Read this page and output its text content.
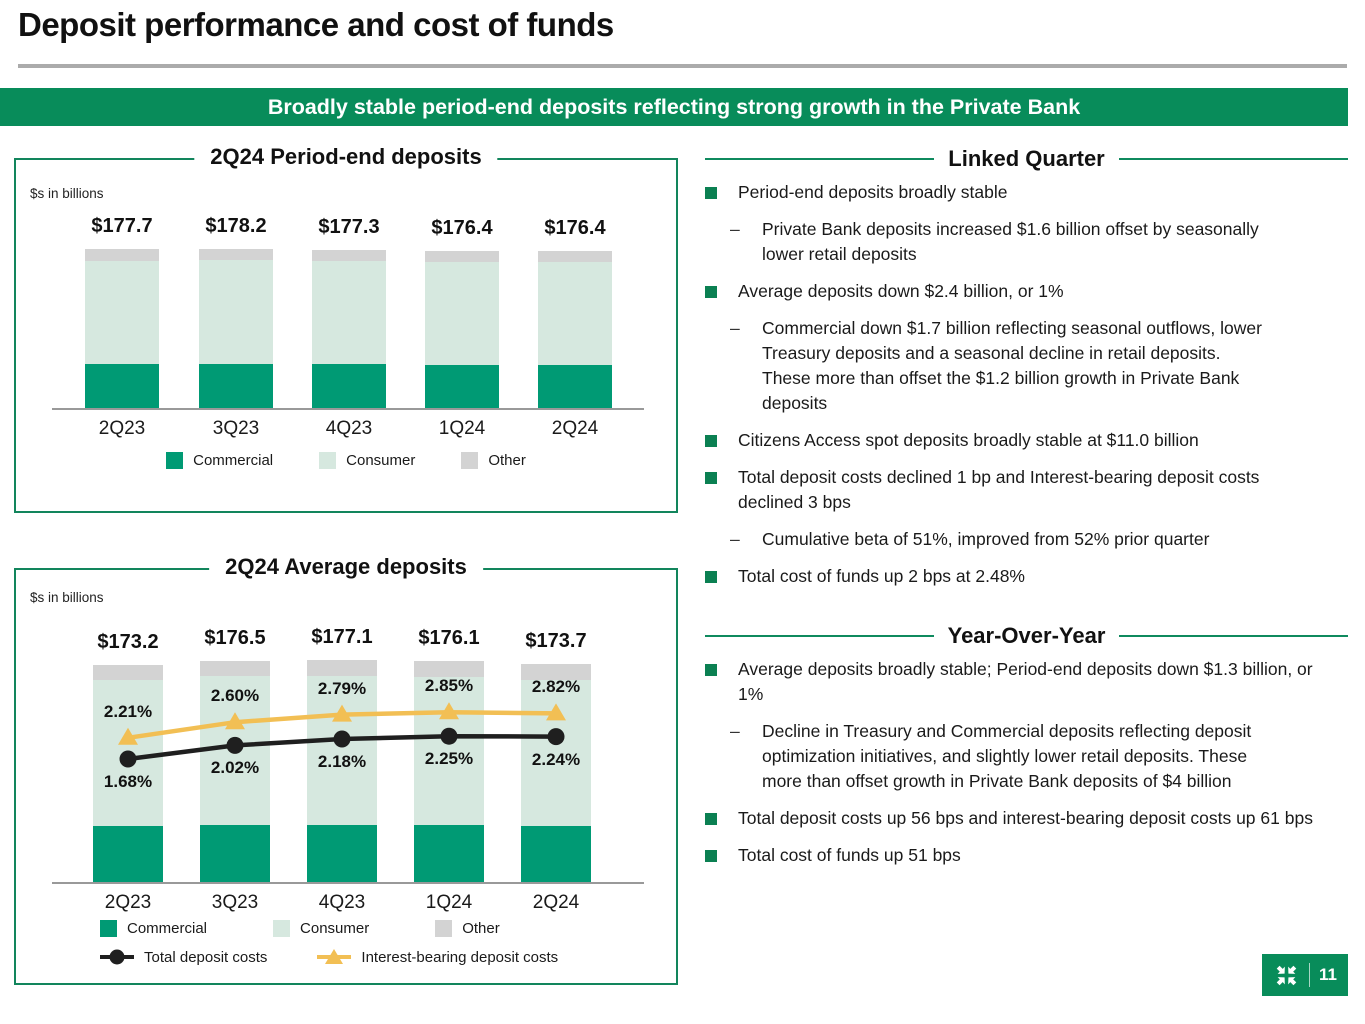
Deposit performance and cost of funds
Broadly stable period-end deposits reflecting strong growth in the Private Bank
2Q24 Period-end deposits
$s in billions
$177.7
2Q23
$178.2
3Q23
$177.3
4Q23
$176.4
1Q24
$176.4
2Q24
Commercial	Consumer	Other
2Q24 Average deposits
$s in billions
$173.2
2Q23
$176.5
3Q23
$177.1
4Q23
$176.1
1Q24
$173.7
2Q24
1.68%
2.02%	2.18%	2.25%	2.24%
2.21%
2.60%	2.79%	2.85%	2.82%
Commercial	Consumer	Other
Total deposit costs	Interest-bearing deposit costs
Linked Quarter
Period-end deposits broadly stable
–	Private Bank deposits increased $1.6 billion offset by seasonally lower retail deposits
Average deposits down $2.4 billion, or 1%
–	Commercial down $1.7 billion reflecting seasonal outflows, lower Treasury deposits and a seasonal decline in retail deposits. These more than offset the $1.2 billion growth in Private Bank deposits
Citizens Access spot deposits broadly stable at $11.0 billion
Total deposit costs declined 1 bp and Interest-bearing deposit costs declined 3 bps
–	Cumulative beta of 51%, improved from 52% prior quarter
Total cost of funds up 2 bps at 2.48%
Year-Over-Year
Average deposits broadly stable; Period-end deposits down $1.3 billion, or 1%
–	Decline in Treasury and Commercial deposits reflecting deposit optimization initiatives, and slightly lower retail deposits. These more than offset growth in Private Bank deposits of $4 billion
Total deposit costs up 56 bps and interest-bearing deposit costs up 61 bps
Total cost of funds up 51 bps
11
